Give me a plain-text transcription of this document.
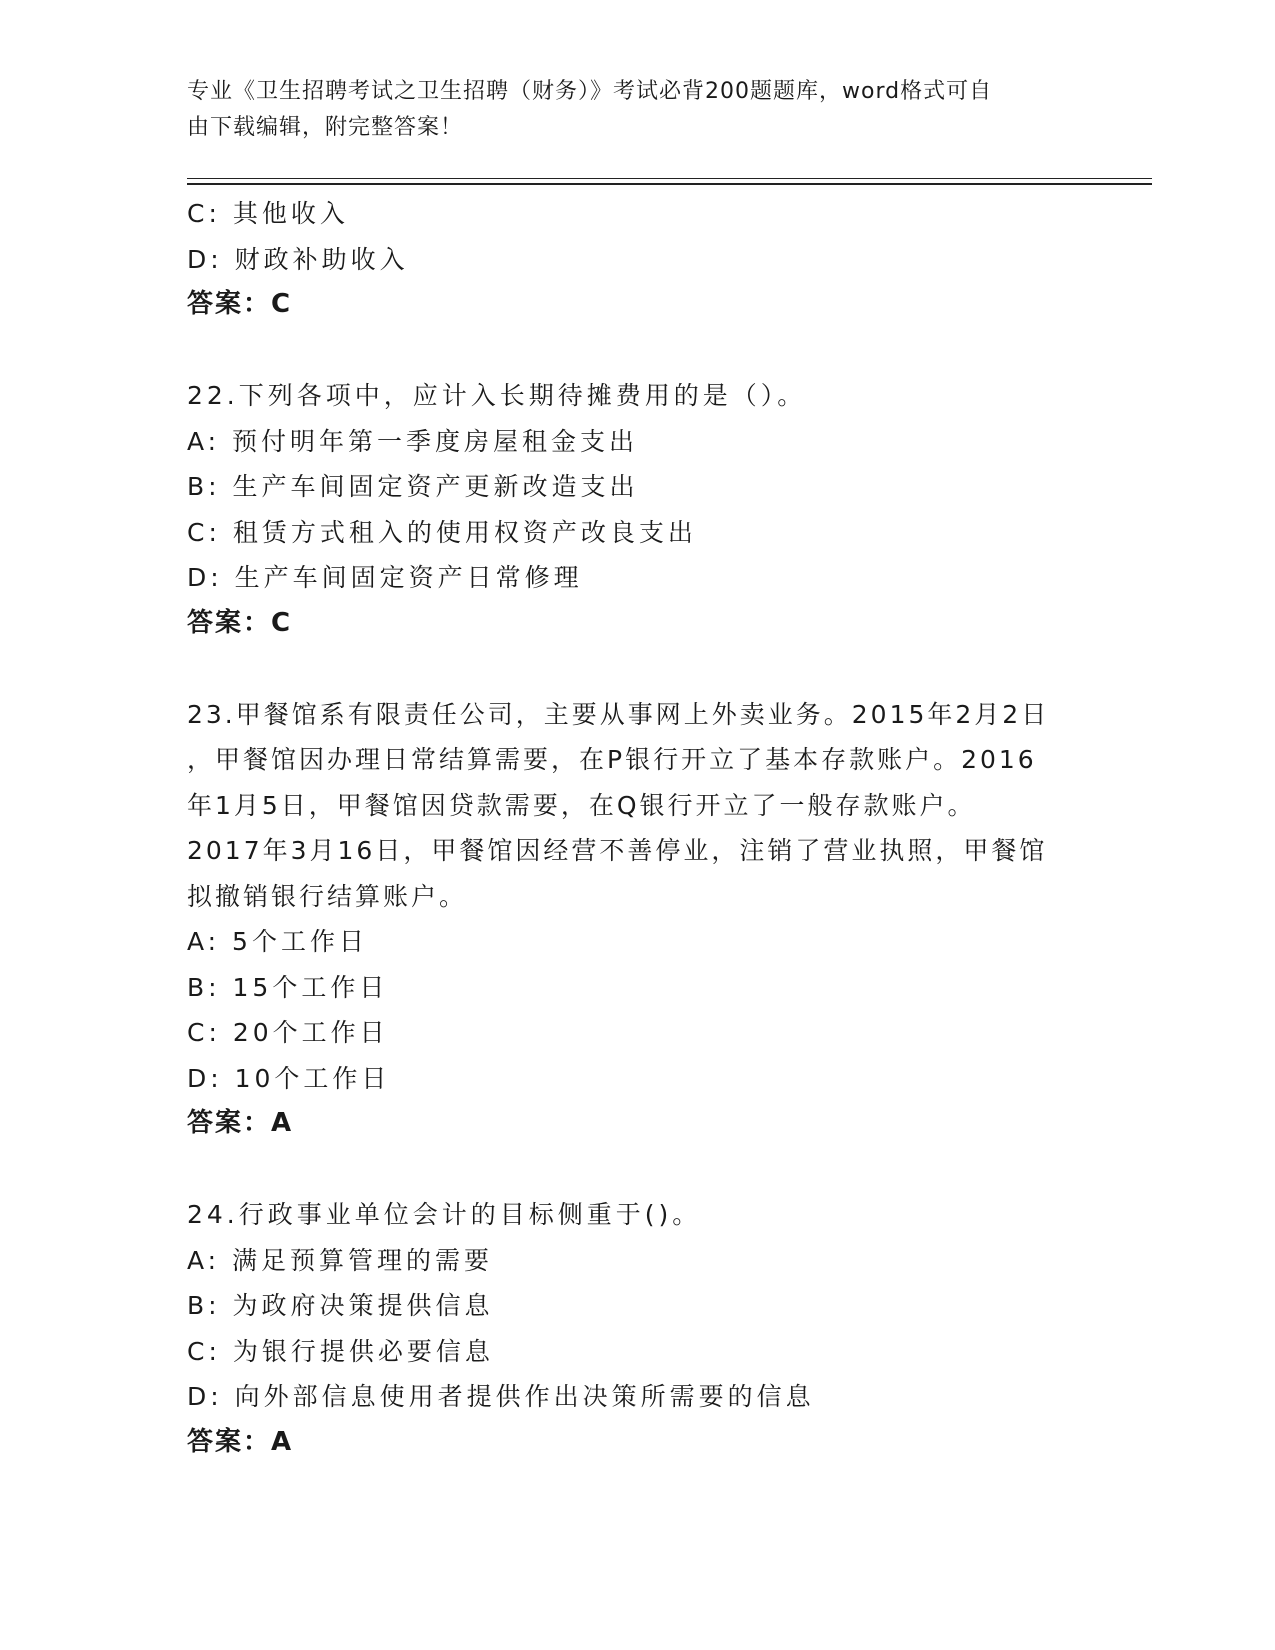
专业《卫生招聘考试之卫生招聘（财务）》考试必背200题题库，word格式可自
由下载编辑，附完整答案！
C: 其他收入
D: 财政补助收入
答案：C
22.下列各项中，应计入长期待摊费用的是（）。
A: 预付明年第一季度房屋租金支出
B: 生产车间固定资产更新改造支出
C: 租赁方式租入的使用权资产改良支出
D: 生产车间固定资产日常修理
答案：C
23.甲餐馆系有限责任公司，主要从事网上外卖业务。2015年2月2日
，甲餐馆因办理日常结算需要，在P银行开立了基本存款账户。2016
年1月5日，甲餐馆因贷款需要，在Q银行开立了一般存款账户。
2017年3月16日，甲餐馆因经营不善停业，注销了营业执照，甲餐馆
拟撤销银行结算账户。
A: 5个工作日
B: 15个工作日
C: 20个工作日
D: 10个工作日
答案：A
24.行政事业单位会计的目标侧重于()。
A: 满足预算管理的需要
B: 为政府决策提供信息
C: 为银行提供必要信息
D: 向外部信息使用者提供作出决策所需要的信息
答案：A
